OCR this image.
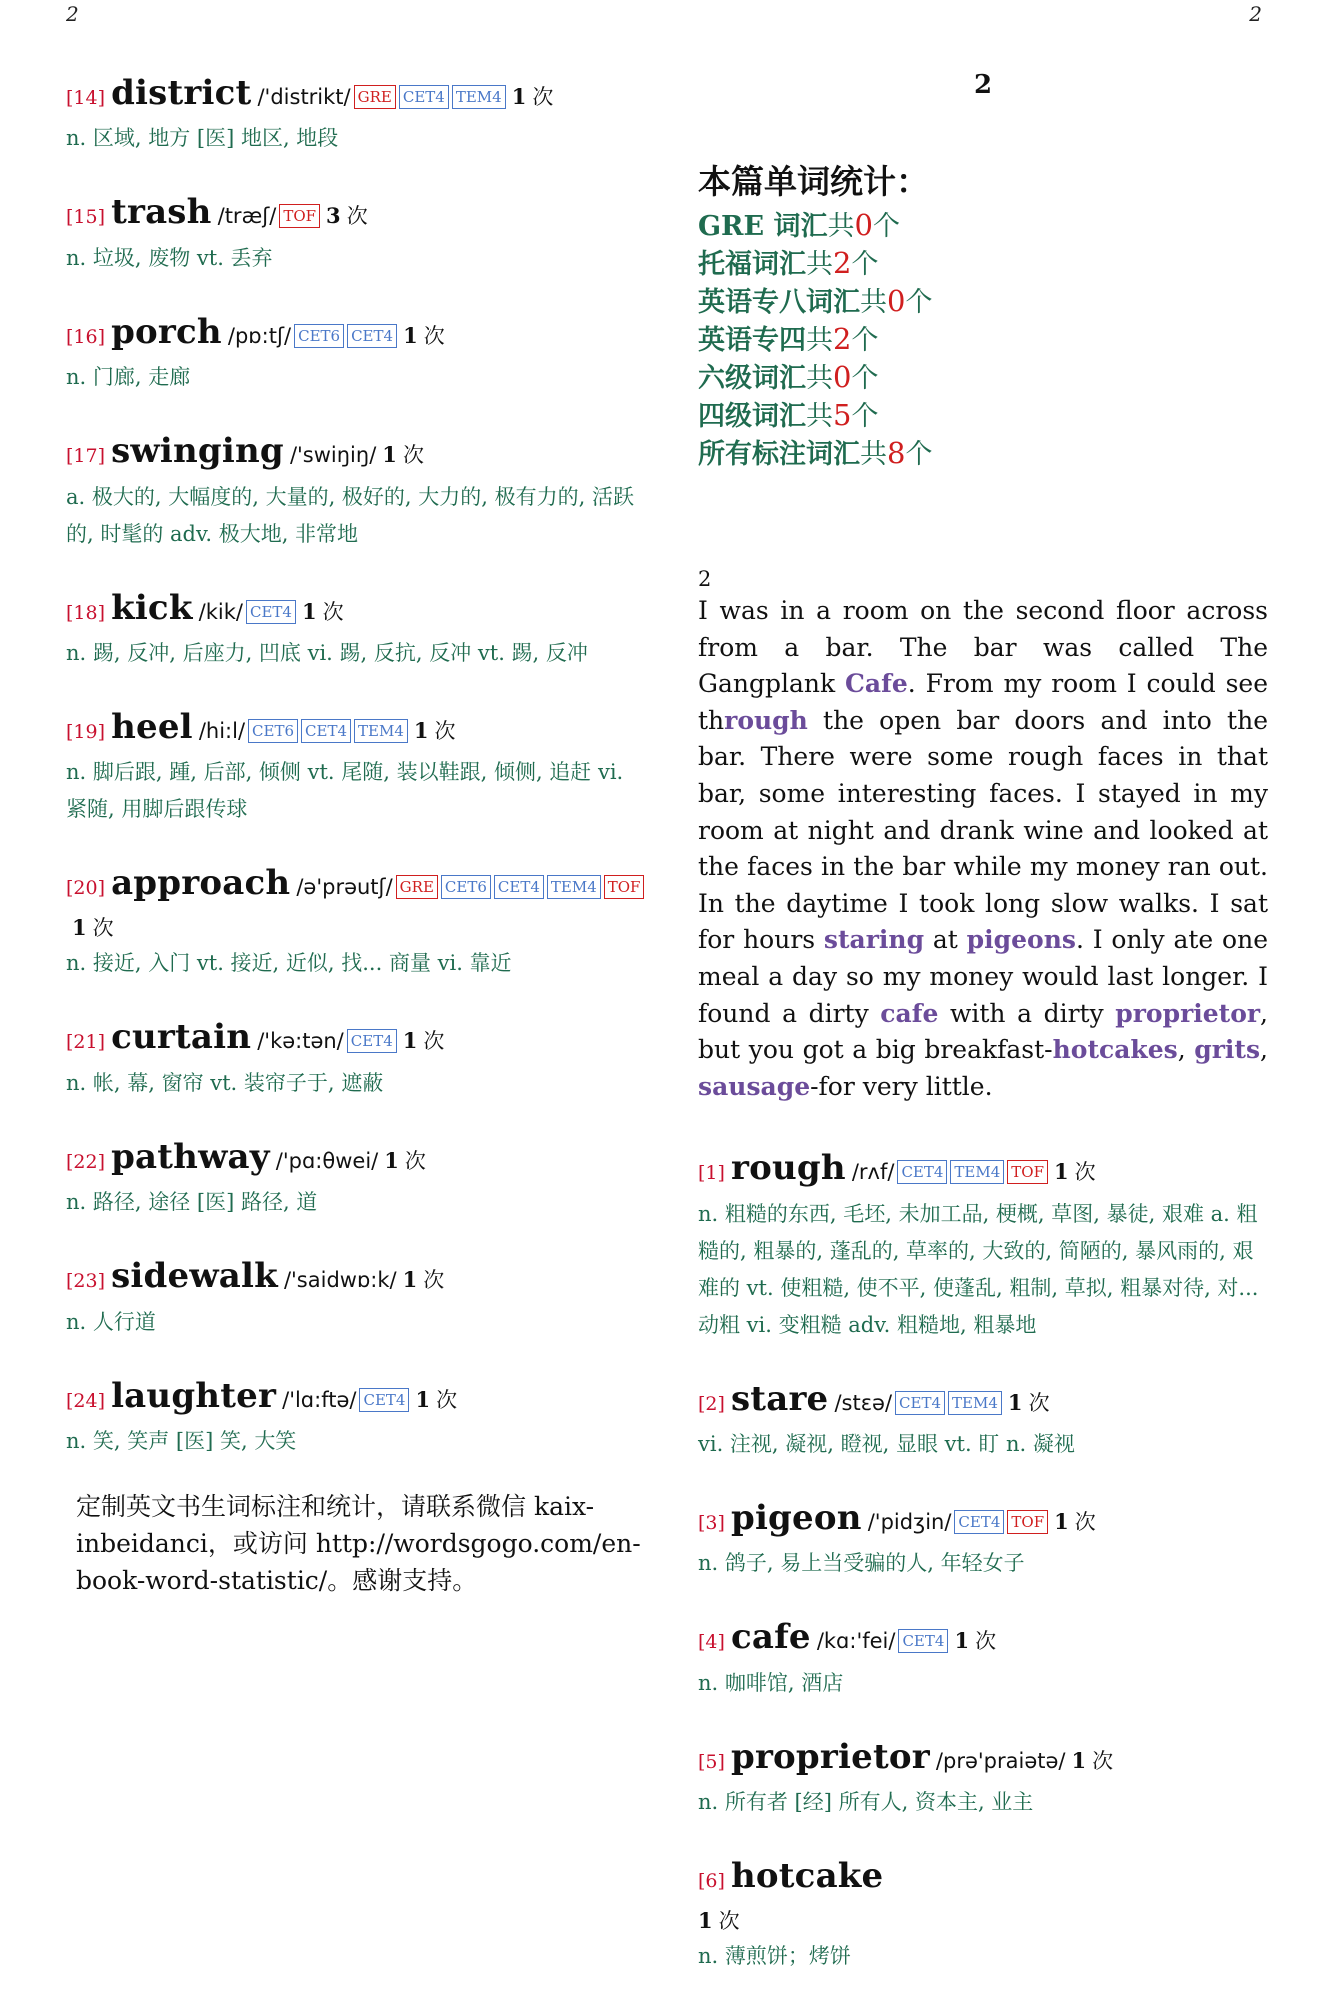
2	2
[14] district /'distrikt/ GRE CET4 TEM4 1 次
n. 区域, 地方 [医] 地区, 地段
[15] trash /træʃ/ TOF 3 次
n. 垃圾, 废物 vt. 丢弃
[16] porch /pɒ:tʃ/ CET6 CET4 1 次
n. 门廊, 走廊
[17] swinging /'swiŋiŋ/ 1 次
a. 极大的, 大幅度的, 大量的, 极好的, 大力的, 极有力的, 活跃的, 时髦的 adv. 极大地, 非常地
[18] kick /kik/ CET4 1 次
n. 踢, 反冲, 后座力, 凹底 vi. 踢, 反抗, 反冲 vt. 踢, 反冲
[19] heel /hi:l/ CET6 CET4 TEM4 1 次
n. 脚后跟, 踵, 后部, 倾侧 vt. 尾随, 装以鞋跟, 倾侧, 追赶 vi. 紧随, 用脚后跟传球
[20] approach /ə'prəutʃ/ GRE CET6 CET4 TEM4 TOF1 次
n. 接近, 入门 vt. 接近, 近似, 找... 商量 vi. 靠近
[21] curtain /'kə:tən/ CET4 1 次
n. 帐, 幕, 窗帘 vt. 装帘子于, 遮蔽
[22] pathway /'pɑ:θwei/ 1 次
n. 路径, 途径 [医] 路径, 道
[23] sidewalk /'saidwɒ:k/ 1 次
n. 人行道
[24] laughter /'lɑ:ftə/ CET4 1 次
n. 笑, 笑声 [医] 笑, 大笑
定制英文书生词标注和统计，请联系微信 kaix-inbeidanci，或访问 http://wordsgogo.com/en-book-word-statistic/。感谢支持。
2
本篇单词统计：
GRE 词汇共0个
托福词汇共2个
英语专八词汇共0个
英语专四共2个
六级词汇共0个
四级词汇共5个
所有标注词汇共8个
2
I was in a room on the second floor across from a bar. The bar was called The Gangplank Cafe. From my room I could see through the open bar doors and into the bar. There were some rough faces in that bar, some interesting faces. I stayed in my room at night and drank wine and looked at the faces in the bar while my money ran out. In the daytime I took long slow walks. I sat for hours staring at pigeons. I only ate one meal a day so my money would last longer. I found a dirty cafe with a dirty proprietor, but you got a big breakfast-hotcakes, grits, sausage-for very little.
[1] rough /rʌf/ CET4 TEM4 TOF 1 次
n. 粗糙的东西, 毛坯, 未加工品, 梗概, 草图, 暴徒, 艰难 a. 粗糙的, 粗暴的, 蓬乱的, 草率的, 大致的, 简陋的, 暴风雨的, 艰难的 vt. 使粗糙, 使不平, 使蓬乱, 粗制, 草拟, 粗暴对待, 对... 动粗 vi. 变粗糙 adv. 粗糙地, 粗暴地
[2] stare /stɛə/ CET4 TEM4 1 次
vi. 注视, 凝视, 瞪视, 显眼 vt. 盯 n. 凝视
[3] pigeon /'pidʒin/ CET4 TOF 1 次
n. 鸽子, 易上当受骗的人, 年轻女子
[4] cafe /kɑ:'fei/ CET4 1 次
n. 咖啡馆, 酒店
[5] proprietor /prə'praiətə/ 1 次
n. 所有者 [经] 所有人, 资本主, 业主
[6] hotcake
1 次
n. 薄煎饼；烤饼
